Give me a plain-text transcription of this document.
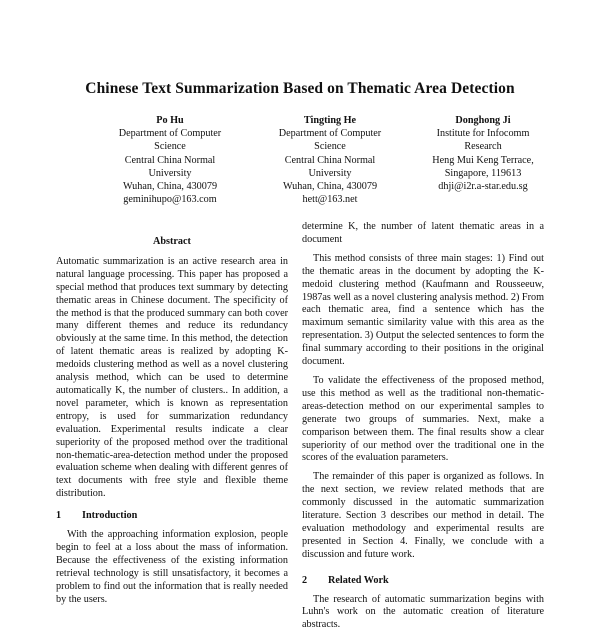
Chinese Text Summarization Based on Thematic Area Detection
Po Hu
Department of Computer
Science
Central China Normal
University
Wuhan, China, 430079
geminihupo@163.com
Tingting He
Department of Computer
Science
Central China Normal
University
Wuhan, China, 430079
hett@163.net
Donghong Ji
Institute for Infocomm
Research
Heng Mui Keng Terrace,
Singapore, 119613
dhji@i2r.a-star.edu.sg
Abstract

Automatic summarization is an active research area in natural language processing. This paper has proposed a special method that produces text summary by detecting thematic areas in Chinese document. The specificity of the method is that the produced summary can both cover many different themes and reduce its redundancy obviously at the same time. In this method, the detection of latent thematic areas is realized by adopting K-medoids clustering method as well as a novel clustering analysis method, which can be used to determine automatically K, the number of clusters.. In addition, a novel parameter, which is known as representation entropy, is used for summarization redundancy evaluation. Experimental results indicate a clear superiority of the proposed method over the traditional non-thematic-area-detection method under the proposed evaluation scheme when dealing with different genres of text documents with free style and flexible theme distribution.

1 Introduction

With the approaching information explosion, people begin to feel at a loss about the mass of information. Because the effectiveness of the existing information retrieval technology is still unsatisfactory, it becomes a problem to find out the information that is really needed by the users.

determine K, the number of latent thematic areas in a document

This method consists of three main stages: 1) Find out the thematic areas in the document by adopting the K-medoid clustering method (Kaufmann and Rousseeuw, 1987as well as a novel clustering analysis method. 2) From each thematic area, find a sentence which has the maximum semantic similarity value with this area as the representation. 3) Output the selected sentences to form the final summary according to their positions in the original document.

To validate the effectiveness of the proposed method, use this method as well as the traditional non-thematic-areas-detection method on our experimental samples to generate two groups of summaries. Next, make a comparison between them. The final results show a clear superiority of our method over the traditional one in the scores of the evaluation parameters.

The remainder of this paper is organized as follows. In the next section, we review related methods that are commonly discussed in the automatic summarization literature. Section 3 describes our method in detail. The evaluation methodology and experimental results are presented in Section 4. Finally, we conclude with a discussion and future work.

2 Related Work

The research of automatic summarization begins with Luhn's work on the automatic creation of literature abstracts.
